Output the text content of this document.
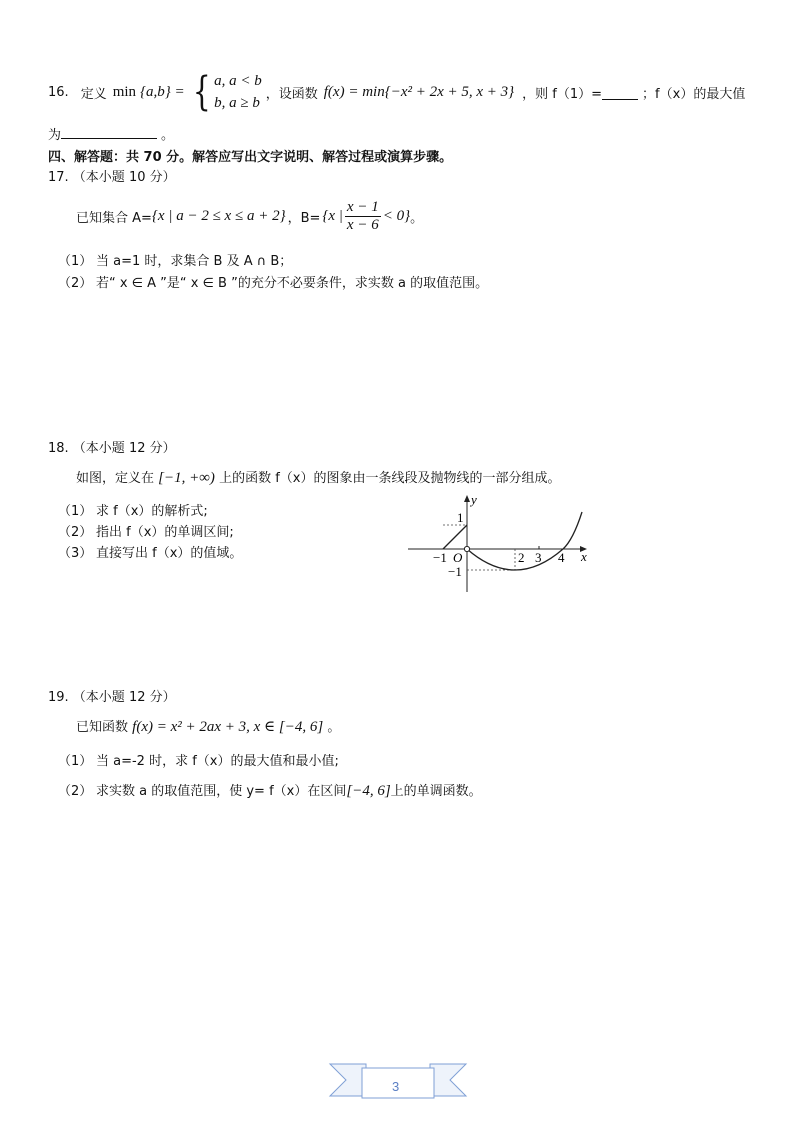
16. 定义 min {a,b} = { a, a < b
b, a ≥ b
，设函数 f(x) = min{−x² + 2x + 5, x + 3} ，则 f（1）=	；f（x）的最大值
为	。
四、解答题：共 70 分。解答应写出文字说明、解答过程或演算步骤。
17. （本小题 10 分）
已知集合 A= {x | a − 2 ≤ x ≤ a + 2} ，B= {x | $\frac{x - 1}{x - 6} < 0$} 。
（1） 当 a=1 时，求集合 B 及 A ∩ B；
（2） 若“ x ∈ A ”是“ x ∈ B ”的充分不必要条件，求实数 a 的取值范围。
18. （本小题 12 分）
如图，定义在 [−1, +∞) 上的函数 f（x）的图象由一条线段及抛物线的一部分组成。
（1） 求 f（x）的解析式;
（2） 指出 f（x）的单调区间;
（3） 直接写出 f（x）的值域。
y
x
O
1
−1
−1	2 3 4
19. （本小题 12 分）
已知函数 f(x) = x² + 2ax + 3, x ∈ [−4, 6] 。
（1） 当 a=-2 时，求 f（x）的最大值和最小值;
（2） 求实数 a 的取值范围，使 y= f（x）在区间[−4, 6]上的单调函数。
3
